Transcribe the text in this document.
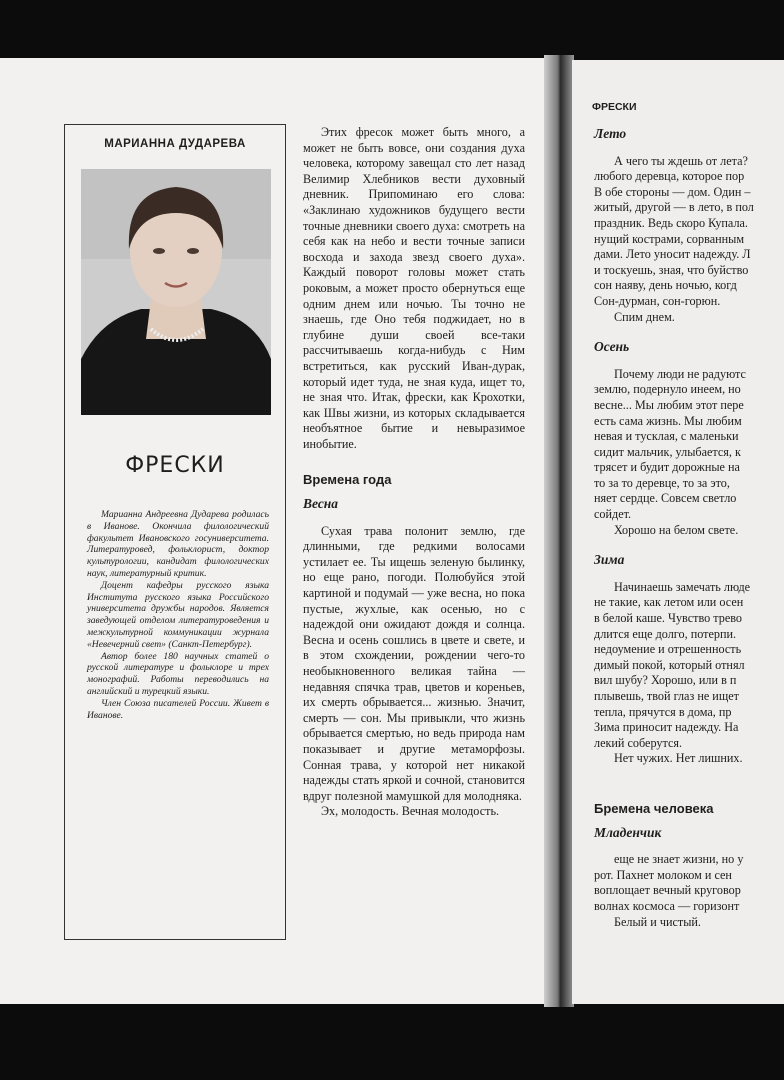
ФРЕСКИ
Лето

А чего ты ждешь от лета?

любого деревца, которое пор

В обе стороны — дом. Один –

житый, другой — в лето, в пол

праздник. Ведь скоро Купала.

нущий кострами, сорванным

дами. Лето уносит надежду. Л

и тоскуешь, зная, что буйство

сон наяву, день ночью, когд

Сон-дурман, сон-горюн.

Спим днем.

Осень

Почему люди не радуютс

землю, подернуло инеем, но

весне... Мы любим этот пере

есть сама жизнь. Мы любим

невая и тусклая, с маленьки

сидит мальчик, улыбается, к

трясет и будит дорожные на

то за то деревце, то за это,

няет сердце. Совсем светло

сойдет.

Хорошо на белом свете.

Зима

Начинаешь замечать люде

не такие, как летом или осен

в белой каше. Чувство трево

длится еще долго, потерпи.

недоумение и отрешенность

димый покой, который отнял

вил шубу? Хорошо, или в п

плывешь, твой глаз не ищет

тепла, прячутся в дома, пр

Зима приносит надежду. На

лекий соберутся.

Нет чужих. Нет лишних.

Бремена человека
Младенчик

еще не знает жизни, но у

рот. Пахнет молоком и сен

воплощает вечный круговор

волнах космоса — горизонт

Белый и чистый.

МАРИАННА ДУДАРЕВА
ФРЕСКИ

Марианна Андреевна Дударева родилась в Иванове. Окончила филологический факультет Ивановского госуниверситета. Литературовед, фольклорист, доктор культурологии, кандидат филологических наук, литературный критик.

Доцент кафедры русского языка Института русского языка Российского университета дружбы народов. Является заведующей отделом литературоведения и межкультурной коммуникации журнала «Невечерний свет» (Санкт-Петербург).

Автор более 180 научных статей о русской литературе и фольклоре и трех монографий. Работы переводились на английский и турецкий языки.

Член Союза писателей России. Живет в Иванове.

Этих фресок может быть много, а может не быть вовсе, они создания духа человека, которому завещал сто лет назад Велимир Хлебников вести духовный дневник. Припоминаю его слова: «Заклинаю художников будущего вести точные дневники своего духа: смотреть на себя как на небо и вести точные записи восхода и захода звезд своего духа». Каждый поворот головы может стать роковым, а может просто обернуться еще одним днем или ночью. Ты точно не знаешь, где Оно тебя поджидает, но в глубине души своей все-таки рассчитываешь когда-нибудь с Ним встретиться, как русский Иван-дурак, который идет туда, не зная куда, ищет то, не зная что. Итак, фрески, как Крохотки, как Швы жизни, из которых складывается необъятное бытие и невыразимое инобытие.

Времена года
Весна

Сухая трава полонит землю, где длинными, где редкими волосами устилает ее. Ты ищешь зеленую былинку, но еще рано, погоди. Полюбуйся этой картиной и подумай — уже весна, но пока пустые, жухлые, как осенью, но с надеждой они ожидают дождя и солнца. Весна и осень сошлись в цвете и свете, и в этом схождении, рождении чего-то необыкновенного великая тайна — недавняя спячка трав, цветов и кореньев, их смерть обрывается... жизнью. Значит, смерть — сон. Мы привыкли, что жизнь обрывается смертью, но ведь природа нам показывает и другие метаморфозы. Сонная трава, у которой нет никакой надежды стать яркой и сочной, становится вдруг полезной мамушкой для молодняка.

Эх, молодость. Вечная молодость.
